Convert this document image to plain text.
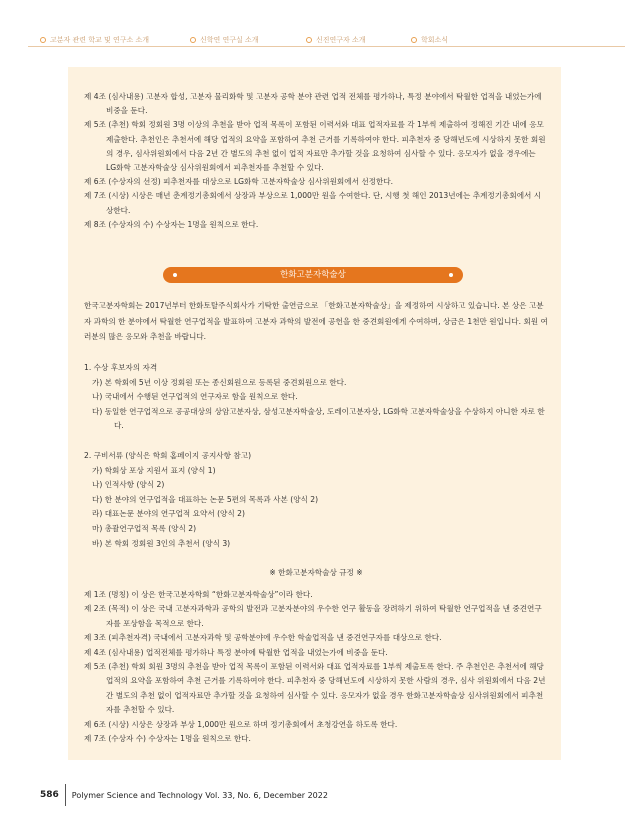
고분자 관련 학교 및 연구소 소개	신학연 연구실 소개	신진연구자 소개	학회소식
제 4조 (심사내용) 고분자 합성, 고분자 물리화학 및 고분자 공학 분야 관련 업적 전체를 평가하나, 특정 분야에서 탁월한 업적을 내었는가에 비중을 둔다.
제 5조 (추천) 학회 정회원 3명 이상의 추천을 받아 업적 목록이 포함된 이력서와 대표 업적자료를 각 1부씩 제출하여 정해진 기간 내에 응모 제출한다. 추천인은 추천서에 해당 업적의 요약을 포함하여 추천 근거를 기록하여야 한다. 피추천자 중 당해년도에 시상하지 못한 회원의 경우, 심사위원회에서 다음 2년 간 별도의 추천 없이 업적 자료만 추가할 것을 요청하여 심사할 수 있다. 응모자가 없을 경우에는 LG화학 고분자학술상 심사위원회에서 피추천자를 추천할 수 있다.
제 6조 (수상자의 선정) 피추천자를 대상으로 LG화학 고분자학술상 심사위원회에서 선정한다.
제 7조 (시상) 시상은 매년 춘계정기총회에서 상장과 부상으로 1,000만 원을 수여한다. 단, 시행 첫 해인 2013년에는 추계정기총회에서 시상한다.
제 8조 (수상자의 수) 수상자는 1명을 원칙으로 한다.
한화고분자학술상
한국고분자학회는 2017년부터 한화토탈주식회사가 기탁한 출연금으로 「한화고분자학술상」을 제정하여 시상하고 있습니다. 본 상은 고분자 과학의 한 분야에서 탁월한 연구업적을 발표하여 고분자 과학의 발전에 공헌을 한 중견회원에게 수여하며, 상금은 1천만 원입니다. 회원 여러분의 많은 응모와 추천을 바랍니다.
1. 수상 후보자의 자격
가) 본 학회에 5년 이상 정회원 또는 종신회원으로 등록된 중견회원으로 한다.
나) 국내에서 수행된 연구업적의 연구자로 함을 원칙으로 한다.
다) 동일한 연구업적으로 공공대상의 상암고분자상, 삼성고분자학술상, 도레이고분자상, LG화학 고분자학술상을 수상하지 아니한 자로 한다.
2. 구비서류 (양식은 학회 홈페이지 공지사항 참고)
가) 학회상 포상 지원서 표지 (양식 1)
나) 인적사항 (양식 2)
다) 한 분야의 연구업적을 대표하는 논문 5편의 목록과 사본 (양식 2)
라) 대표논문 분야의 연구업적 요약서 (양식 2)
마) 총괄연구업적 목록 (양식 2)
바) 본 학회 정회원 3인의 추천서 (양식 3)
※ 한화고분자학술상 규정 ※
제 1조 (명칭) 이 상은 한국고분자학회 “한화고분자학술상”이라 한다.
제 2조 (목적) 이 상은 국내 고분자과학과 공학의 발전과 고분자분야의 우수한 연구 활동을 장려하기 위하여 탁월한 연구업적을 낸 중견연구자를 포상함을 목적으로 한다.
제 3조 (피추천자격) 국내에서 고분자과학 및 공학분야에 우수한 학술업적을 낸 중견연구자를 대상으로 한다.
제 4조 (심사내용) 업적전체를 평가하나 특정 분야에 탁월한 업적을 내었는가에 비중을 둔다.
제 5조 (추천) 학회 회원 3명의 추천을 받아 업적 목록이 포함된 이력서와 대표 업적자료를 1부씩 제출토록 한다. 주 추천인은 추천서에 해당 업적의 요약을 포함하여 추천 근거를 기록하여야 한다. 피추천자 중 당해년도에 시상하지 못한 사람의 경우, 심사 위원회에서 다음 2년간 별도의 추천 없이 업적자료만 추가할 것을 요청하여 심사할 수 있다. 응모자가 없을 경우 한화고분자학술상 심사위원회에서 피추천자를 추천할 수 있다.
제 6조 (시상) 시상은 상장과 부상 1,000만 원으로 하며 정기총회에서 초청강연을 하도록 한다.
제 7조 (수상자 수) 수상자는 1명을 원칙으로 한다.
586 Polymer Science and Technology Vol. 33, No. 6, December 2022
